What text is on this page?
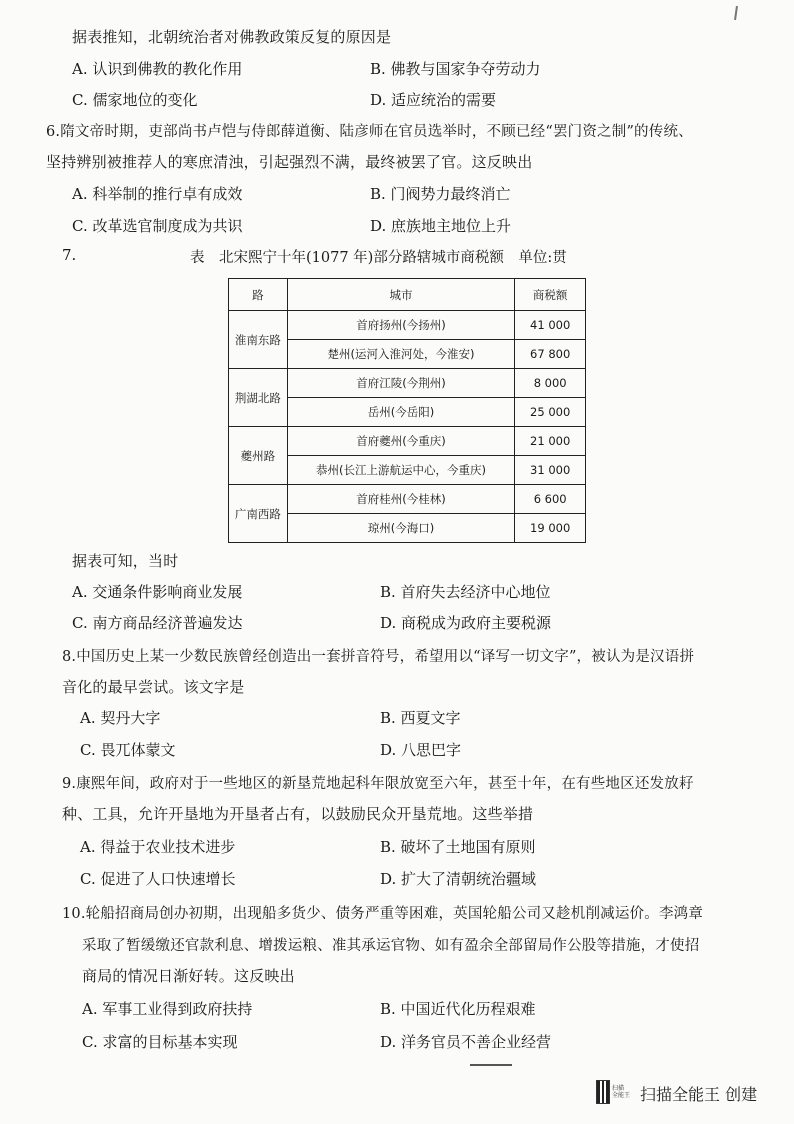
据表推知，北朝统治者对佛教政策反复的原因是
A. 认识到佛教的教化作用	B. 佛教与国家争夺劳动力
C. 儒家地位的变化	D. 适应统治的需要
6.隋文帝时期，吏部尚书卢恺与侍郎薛道衡、陆彦师在官员选举时，不顾已经“罢门资之制”的传统、
坚持辨别被推荐人的寒庶清浊，引起强烈不满，最终被罢了官。这反映出
A. 科举制的推行卓有成效	B. 门阀势力最终消亡
C. 改革选官制度成为共识	D. 庶族地主地位上升
7.	表　北宋熙宁十年(1077 年)部分路辖城市商税额　单位:贯
路	城市	商税额
淮南东路	首府扬州(今扬州)	41 000
	楚州(运河入淮河处，今淮安)	67 800
荆湖北路	首府江陵(今荆州)	8 000
	岳州(今岳阳)	25 000
夔州路	首府夔州(今重庆)	21 000
	恭州(长江上游航运中心，今重庆)	31 000
广南西路	首府桂州(今桂林)	6 600
	琼州(今海口)	19 000
据表可知，当时
A. 交通条件影响商业发展	B. 首府失去经济中心地位
C. 南方商品经济普遍发达	D. 商税成为政府主要税源
8.中国历史上某一少数民族曾经创造出一套拼音符号，希望用以“译写一切文字”，被认为是汉语拼
音化的最早尝试。该文字是
A. 契丹大字	B. 西夏文字
C. 畏兀体蒙文	D. 八思巴字
9.康熙年间，政府对于一些地区的新垦荒地起科年限放宽至六年，甚至十年，在有些地区还发放耔
种、工具，允许开垦地为开垦者占有，以鼓励民众开垦荒地。这些举措
A. 得益于农业技术进步	B. 破坏了土地国有原则
C. 促进了人口快速增长	D. 扩大了清朝统治疆域
10.轮船招商局创办初期，出现船多货少、债务严重等困难，英国轮船公司又趁机削减运价。李鸿章
采取了暂缓缴还官款利息、增拨运粮、准其承运官物、如有盈余全部留局作公股等措施，才使招
商局的情况日渐好转。这反映出
A. 军事工业得到政府扶持	B. 中国近代化历程艰难
C. 求富的目标基本实现	D. 洋务官员不善企业经营
扫描
全能王 扫描全能王 创建
